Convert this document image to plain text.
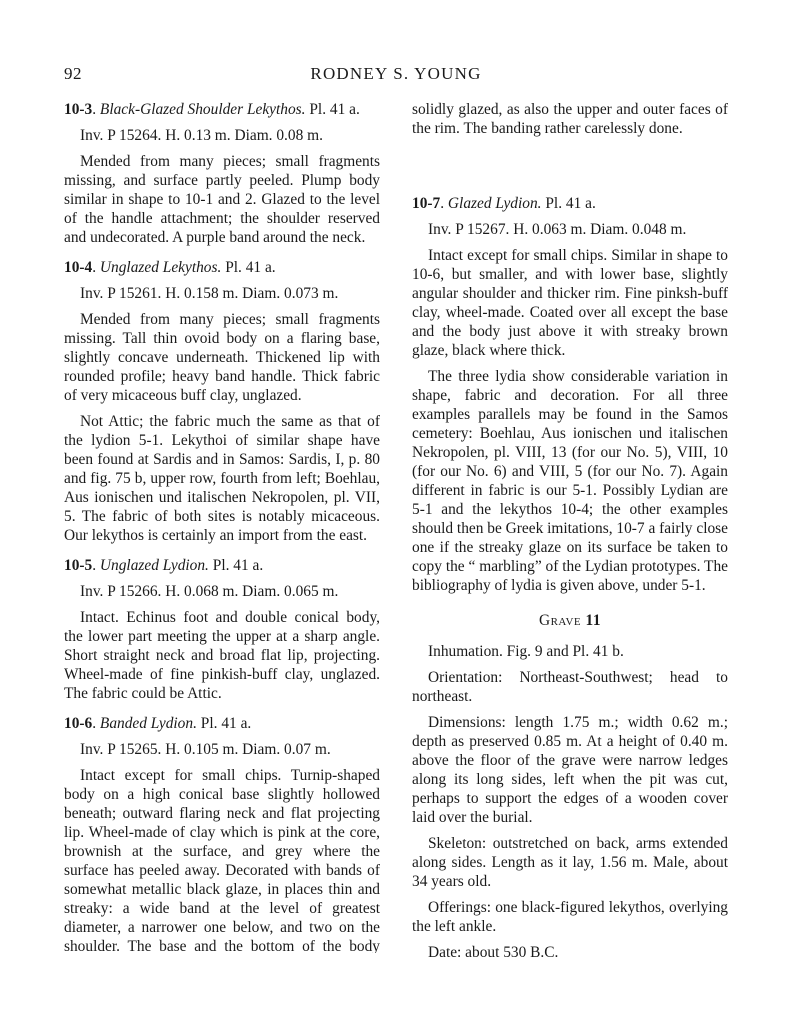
92	RODNEY S. YOUNG

10-3. Black-Glazed Shoulder Lekythos. Pl. 41 a.

Inv. P 15264. H. 0.13 m. Diam. 0.08 m.

Mended from many pieces; small fragments missing, and surface partly peeled. Plump body similar in shape to 10-1 and 2. Glazed to the level of the handle attachment; the shoulder reserved and undecorated. A purple band around the neck.

10-4. Unglazed Lekythos. Pl. 41 a.

Inv. P 15261. H. 0.158 m. Diam. 0.073 m.

Mended from many pieces; small fragments missing. Tall thin ovoid body on a flaring base, slightly concave underneath. Thickened lip with rounded profile; heavy band handle. Thick fabric of very micaceous buff clay, unglazed.

Not Attic; the fabric much the same as that of the lydion 5-1. Lekythoi of similar shape have been found at Sardis and in Samos: Sardis, I, p. 80 and fig. 75 b, upper row, fourth from left; Boehlau, Aus ionischen und italischen Nekropolen, pl. VII, 5. The fabric of both sites is notably micaceous. Our lekythos is certainly an import from the east.

10-5. Unglazed Lydion. Pl. 41 a.

Inv. P 15266. H. 0.068 m. Diam. 0.065 m.

Intact. Echinus foot and double conical body, the lower part meeting the upper at a sharp angle. Short straight neck and broad flat lip, projecting. Wheel-made of fine pinkish-buff clay, unglazed. The fabric could be Attic.

10-6. Banded Lydion. Pl. 41 a.

Inv. P 15265. H. 0.105 m. Diam. 0.07 m.

Intact except for small chips. Turnip-shaped body on a high conical base slightly hollowed beneath; outward flaring neck and flat projecting lip. Wheel-made of clay which is pink at the core, brownish at the surface, and grey where the surface has peeled away. Decorated with bands of somewhat metallic black glaze, in places thin and streaky: a wide band at the level of greatest diameter, a narrower one below, and two on the shoulder. The base and the bottom of the body

solidly glazed, as also the upper and outer faces of the rim. The banding rather carelessly done.

10-7. Glazed Lydion. Pl. 41 a.

Inv. P 15267. H. 0.063 m. Diam. 0.048 m.

Intact except for small chips. Similar in shape to 10-6, but smaller, and with lower base, slightly angular shoulder and thicker rim. Fine pinksh-buff clay, wheel-made. Coated over all except the base and the body just above it with streaky brown glaze, black where thick.

The three lydia show considerable variation in shape, fabric and decoration. For all three examples parallels may be found in the Samos cemetery: Boehlau, Aus ionischen und italischen Nekropolen, pl. VIII, 13 (for our No. 5), VIII, 10 (for our No. 6) and VIII, 5 (for our No. 7). Again different in fabric is our 5-1. Possibly Lydian are 5-1 and the lekythos 10-4; the other examples should then be Greek imitations, 10-7 a fairly close one if the streaky glaze on its surface be taken to copy the “ marbling” of the Lydian prototypes. The bibliography of lydia is given above, under 5-1.

Grave 11

Inhumation. Fig. 9 and Pl. 41 b.

Orientation: Northeast-Southwest; head to northeast.

Dimensions: length 1.75 m.; width 0.62 m.; depth as preserved 0.85 m. At a height of 0.40 m. above the floor of the grave were narrow ledges along its long sides, left when the pit was cut, perhaps to support the edges of a wooden cover laid over the burial.

Skeleton: outstretched on back, arms extended along sides. Length as it lay, 1.56 m. Male, about 34 years old.

Offerings: one black-figured lekythos, overlying the left ankle.

Date: about 530 B.C.
